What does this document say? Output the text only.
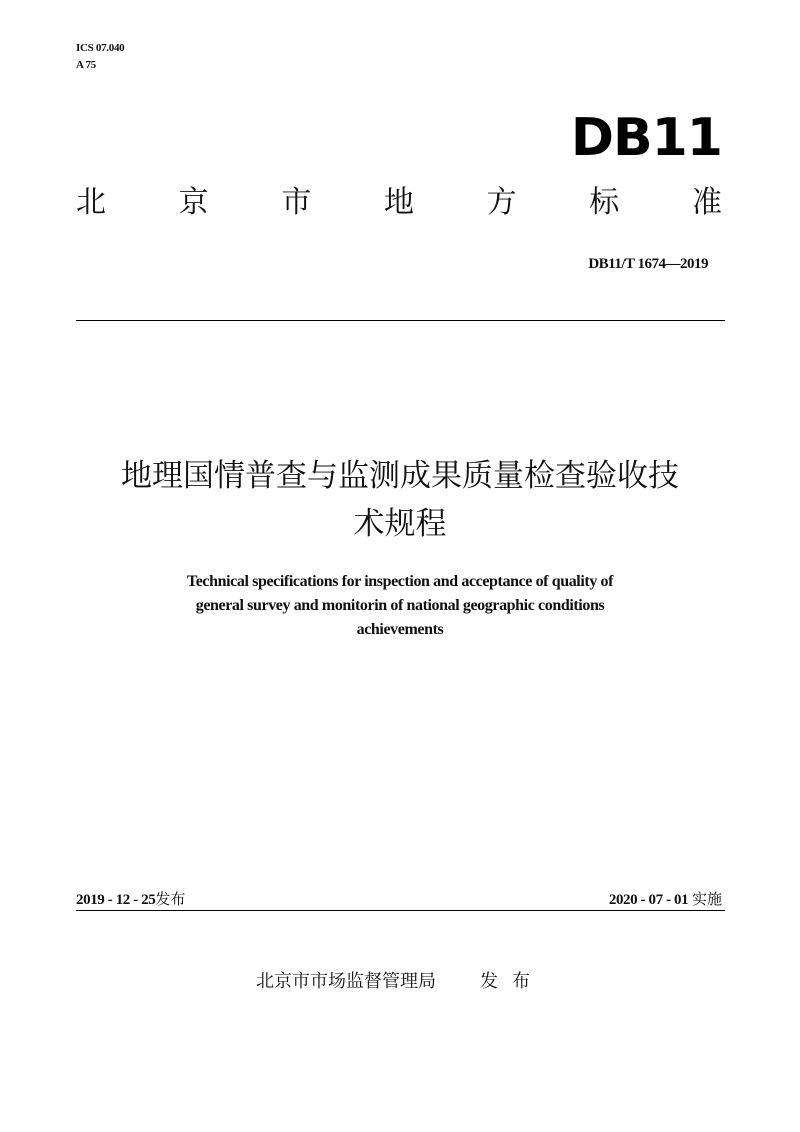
ICS 07.040
A 75
DB11
北 京 市 地 方 标 准
DB11/T 1674—2019
地理国情普查与监测成果质量检查验收技
术规程
Technical specifications for inspection and acceptance of quality of
general survey and monitorin of national geographic conditions
achievements
2019 - 12 - 25发布	2020 - 07 - 01 实施
北京市市场监督管理局 发布
